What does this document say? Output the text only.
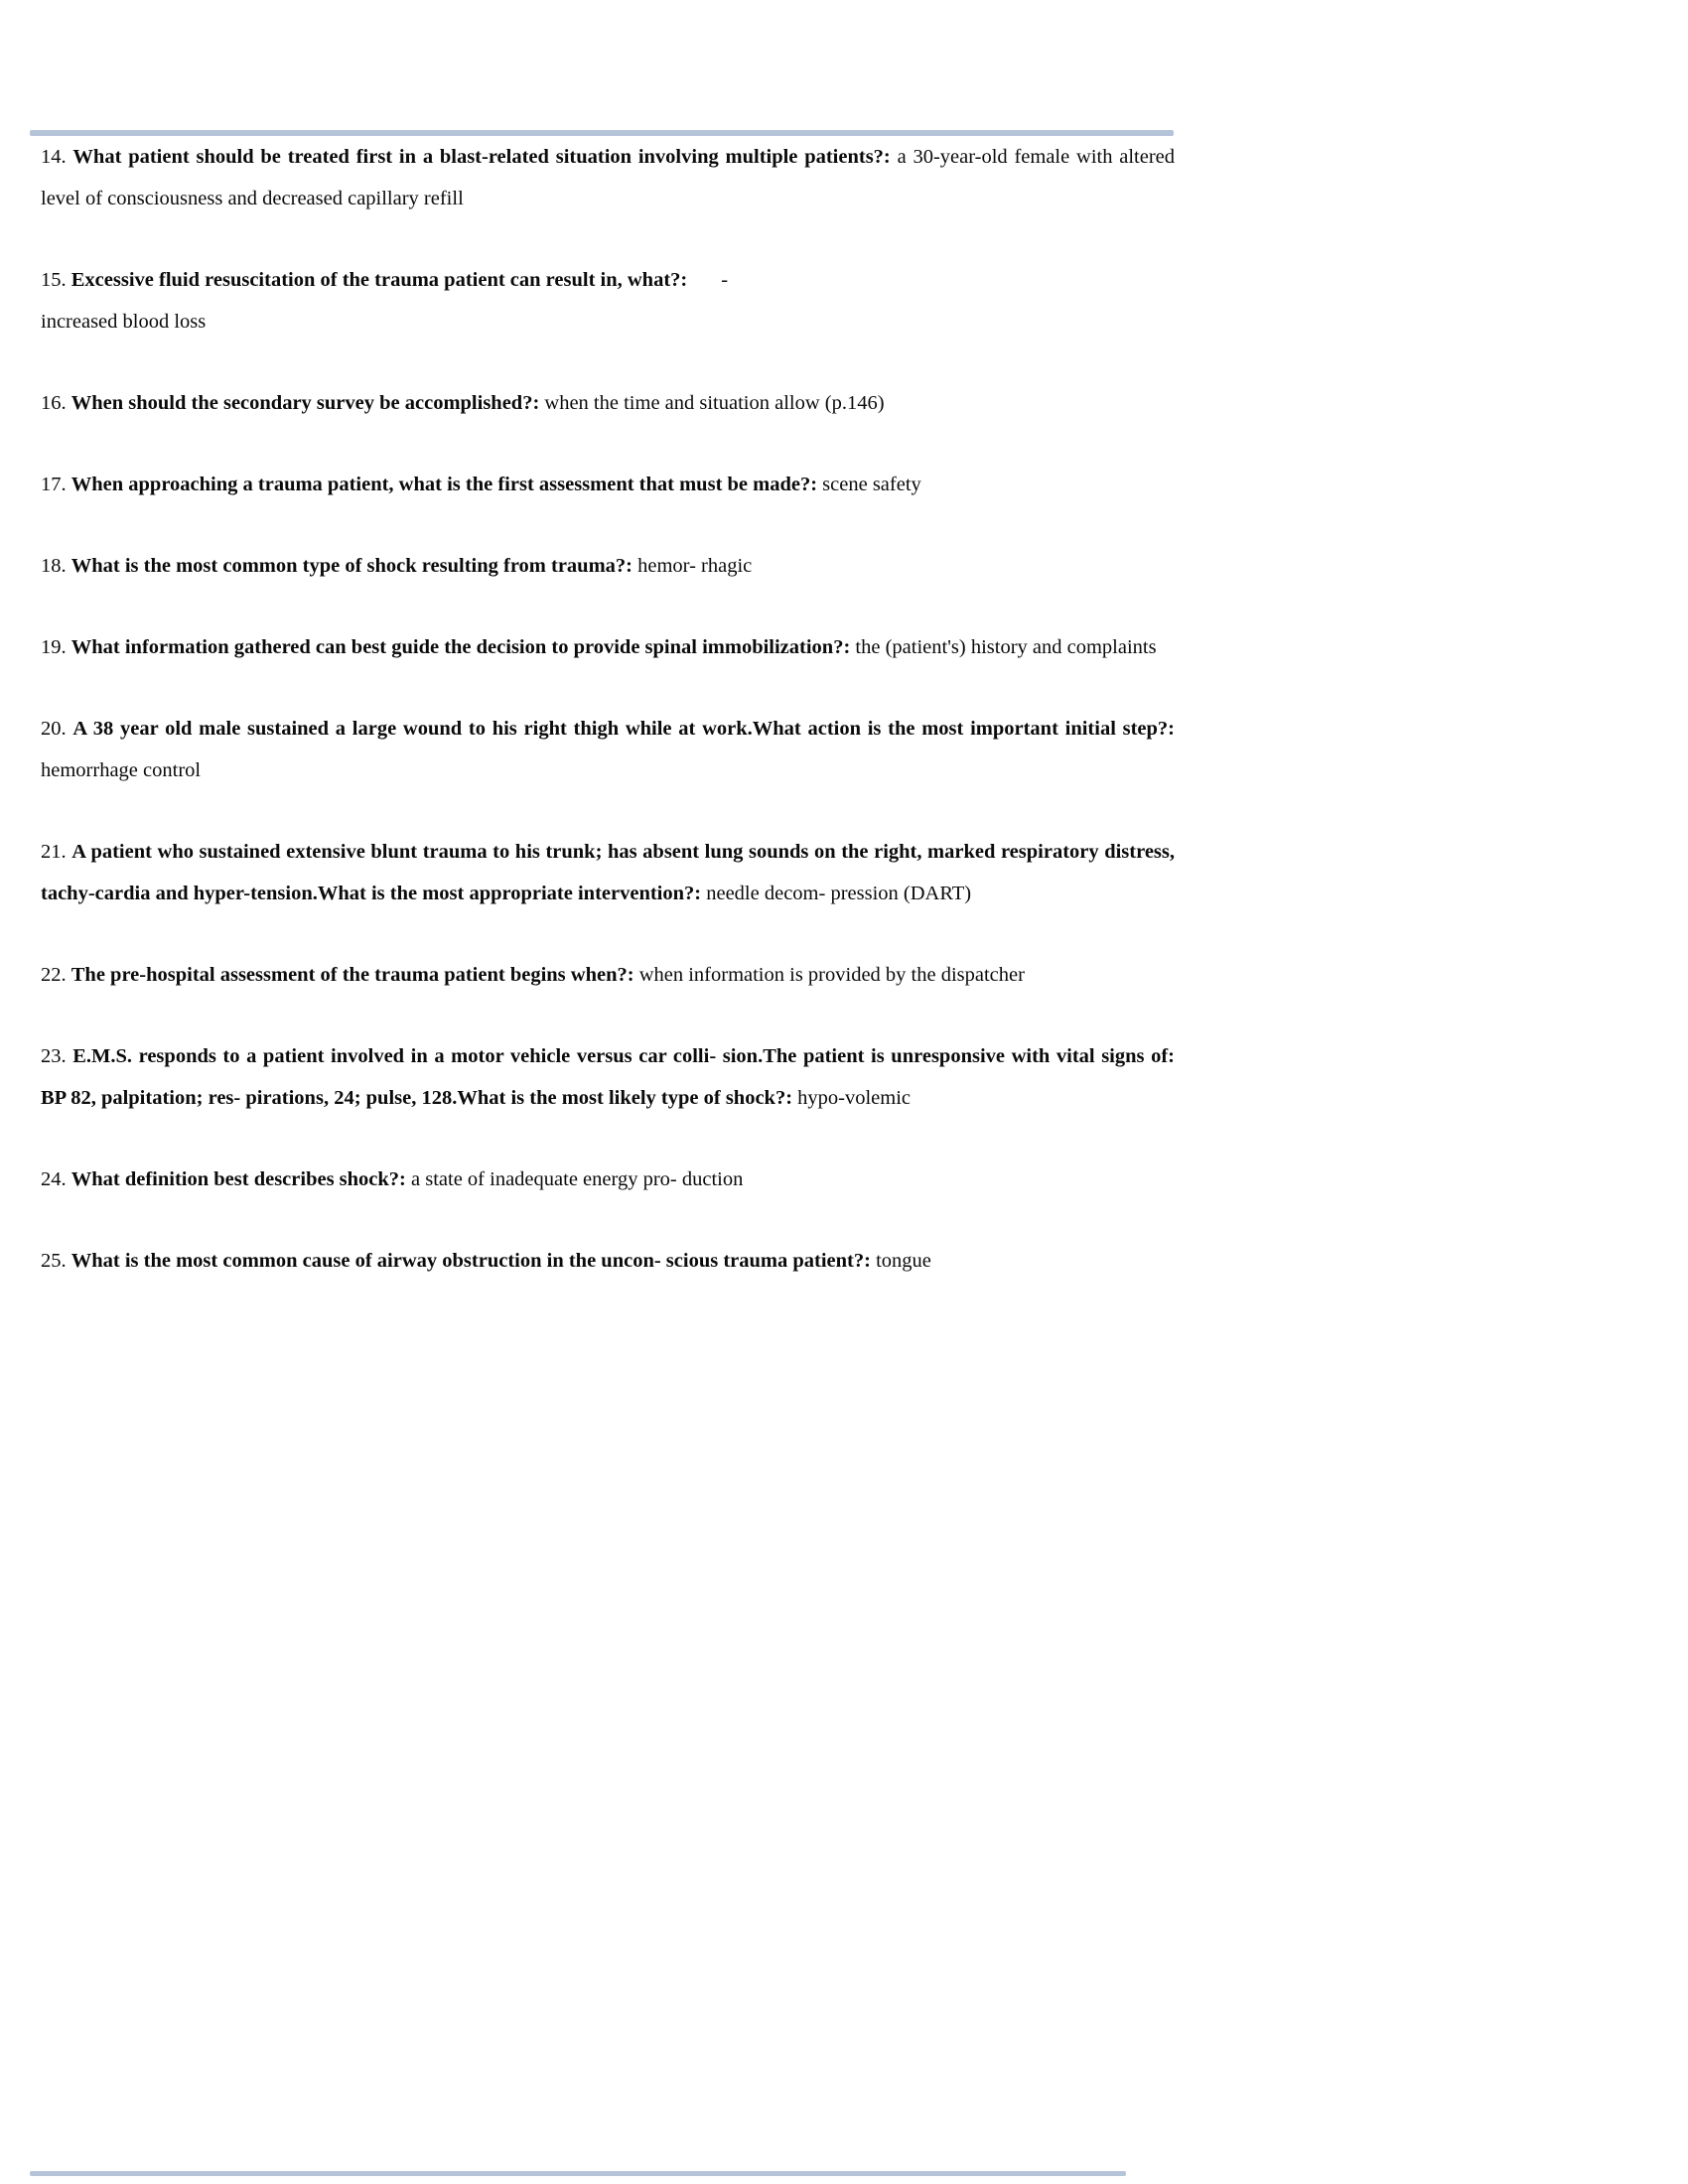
14. What patient should be treated first in a blast-related situation involving multiple patients?: a 30-year-old female with altered level of consciousness and decreased capillary refill

15. Excessive fluid resuscitation of the trauma patient can result in, what?: -
increased blood loss

16. When should the secondary survey be accomplished?: when the time and situation allow (p.146)

17. When approaching a trauma patient, what is the first assessment that must be made?: scene safety

18. What is the most common type of shock resulting from trauma?: hemor- rhagic

19. What information gathered can best guide the decision to provide spinal immobilization?: the (patient's) history and complaints

20. A 38 year old male sustained a large wound to his right thigh while at work.What action is the most important initial step?: hemorrhage control

21. A patient who sustained extensive blunt trauma to his trunk; has absent lung sounds on the right, marked respiratory distress, tachy-cardia and hyper-tension.What is the most appropriate intervention?: needle decom- pression (DART)

22. The pre-hospital assessment of the trauma patient begins when?: when information is provided by the dispatcher

23. E.M.S. responds to a patient involved in a motor vehicle versus car colli- sion.The patient is unresponsive with vital signs of: BP 82, palpitation; res- pirations, 24; pulse, 128.What is the most likely type of shock?: hypo-volemic

24. What definition best describes shock?: a state of inadequate energy pro- duction

25. What is the most common cause of airway obstruction in the uncon- scious trauma patient?: tongue
